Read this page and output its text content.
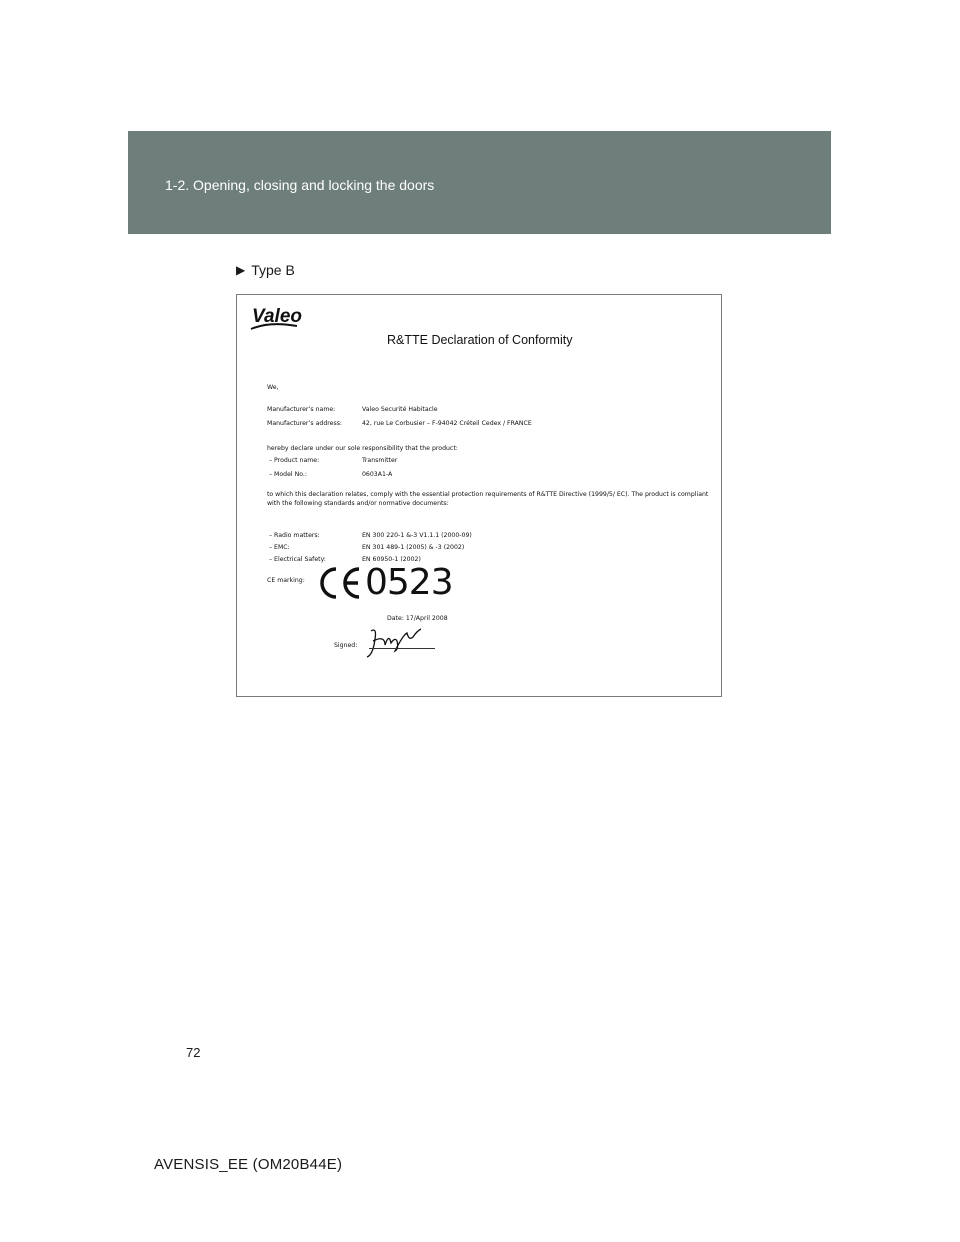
1-2. Opening, closing and locking the doors
▶ Type B
Valeo
R&TTE Declaration of Conformity
We,
Manufacturer’s name:	Valeo Securité Habitacle
Manufacturer’s address:	42, rue Le Corbusier – F-94042 Créteil Cedex / FRANCE
hereby declare under our sole responsibility that the product:
– Product name:	Transmitter
– Model No.:	0603A1-A
to which this declaration relates, comply with the essential protection requirements of R&TTE Directive (1999/5/ EC). The product is compliant with the following standards and/or normative documents:
– Radio matters:	EN 300 220-1 &-3 V1.1.1 (2000-09)
– EMC:	EN 301 489-1 (2005) & -3 (2002)
– Electrical Safety:	EN 60950-1 (2002)
CE marking: 0523
Date: 17/April 2008
Signed:
72
AVENSIS_EE (OM20B44E)
